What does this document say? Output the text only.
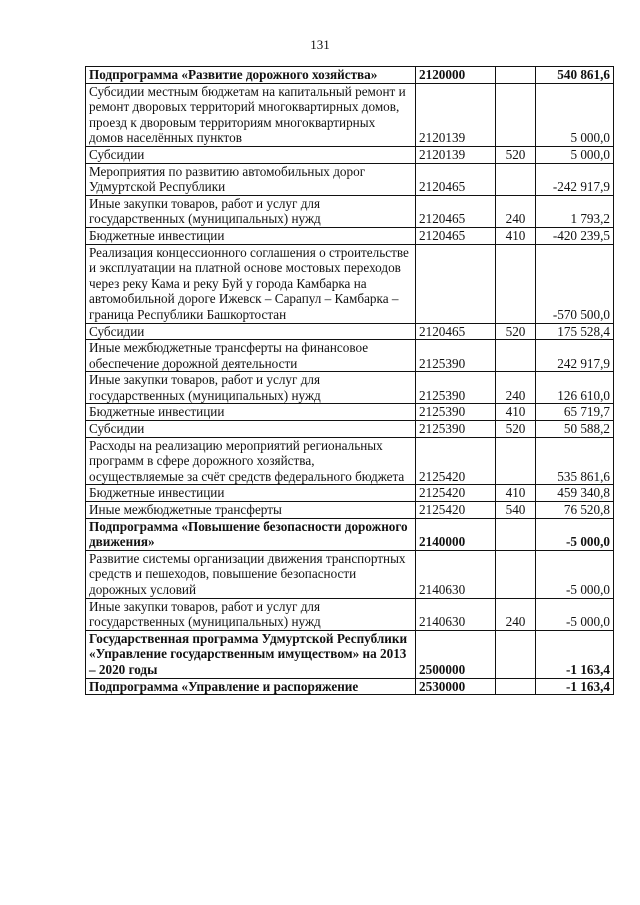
131
Подпрограмма «Развитие дорожного хозяйства»	2120000		540 861,6
Субсидии местным бюджетам на капитальный ремонт и ремонт дворовых территорий многоквартирных домов, проезд к дворовым территориям многоквартирных домов населённых пунктов	2120139		5 000,0
Субсидии	2120139	520	5 000,0
Мероприятия по развитию автомобильных дорог Удмуртской Республики	2120465		-242 917,9
Иные закупки товаров, работ и услуг для государственных (муниципальных) нужд	2120465	240	1 793,2
Бюджетные инвестиции	2120465	410	-420 239,5
Реализация концессионного соглашения о строительстве и эксплуатации на платной основе мостовых переходов через реку Кама и реку Буй у города Камбарка на автомобильной дороге Ижевск – Сарапул – Камбарка – граница Республики Башкортостан			-570 500,0
Субсидии	2120465	520	175 528,4
Иные межбюджетные трансферты на финансовое обеспечение дорожной деятельности	2125390		242 917,9
Иные закупки товаров, работ и услуг для государственных (муниципальных) нужд	2125390	240	126 610,0
Бюджетные инвестиции	2125390	410	65 719,7
Субсидии	2125390	520	50 588,2
Расходы на реализацию мероприятий региональных программ в сфере дорожного хозяйства, осуществляемые за счёт средств федерального бюджета	2125420		535 861,6
Бюджетные инвестиции	2125420	410	459 340,8
Иные межбюджетные трансферты	2125420	540	76 520,8
Подпрограмма «Повышение безопасности дорожного движения»	2140000		-5 000,0
Развитие системы организации движения транспортных средств и пешеходов, повышение безопасности дорожных условий	2140630		-5 000,0
Иные закупки товаров, работ и услуг для государственных (муниципальных) нужд	2140630	240	-5 000,0
Государственная программа Удмуртской Республики «Управление государственным имуществом» на 2013 – 2020 годы	2500000		-1 163,4
Подпрограмма «Управление и распоряжение	2530000		-1 163,4
